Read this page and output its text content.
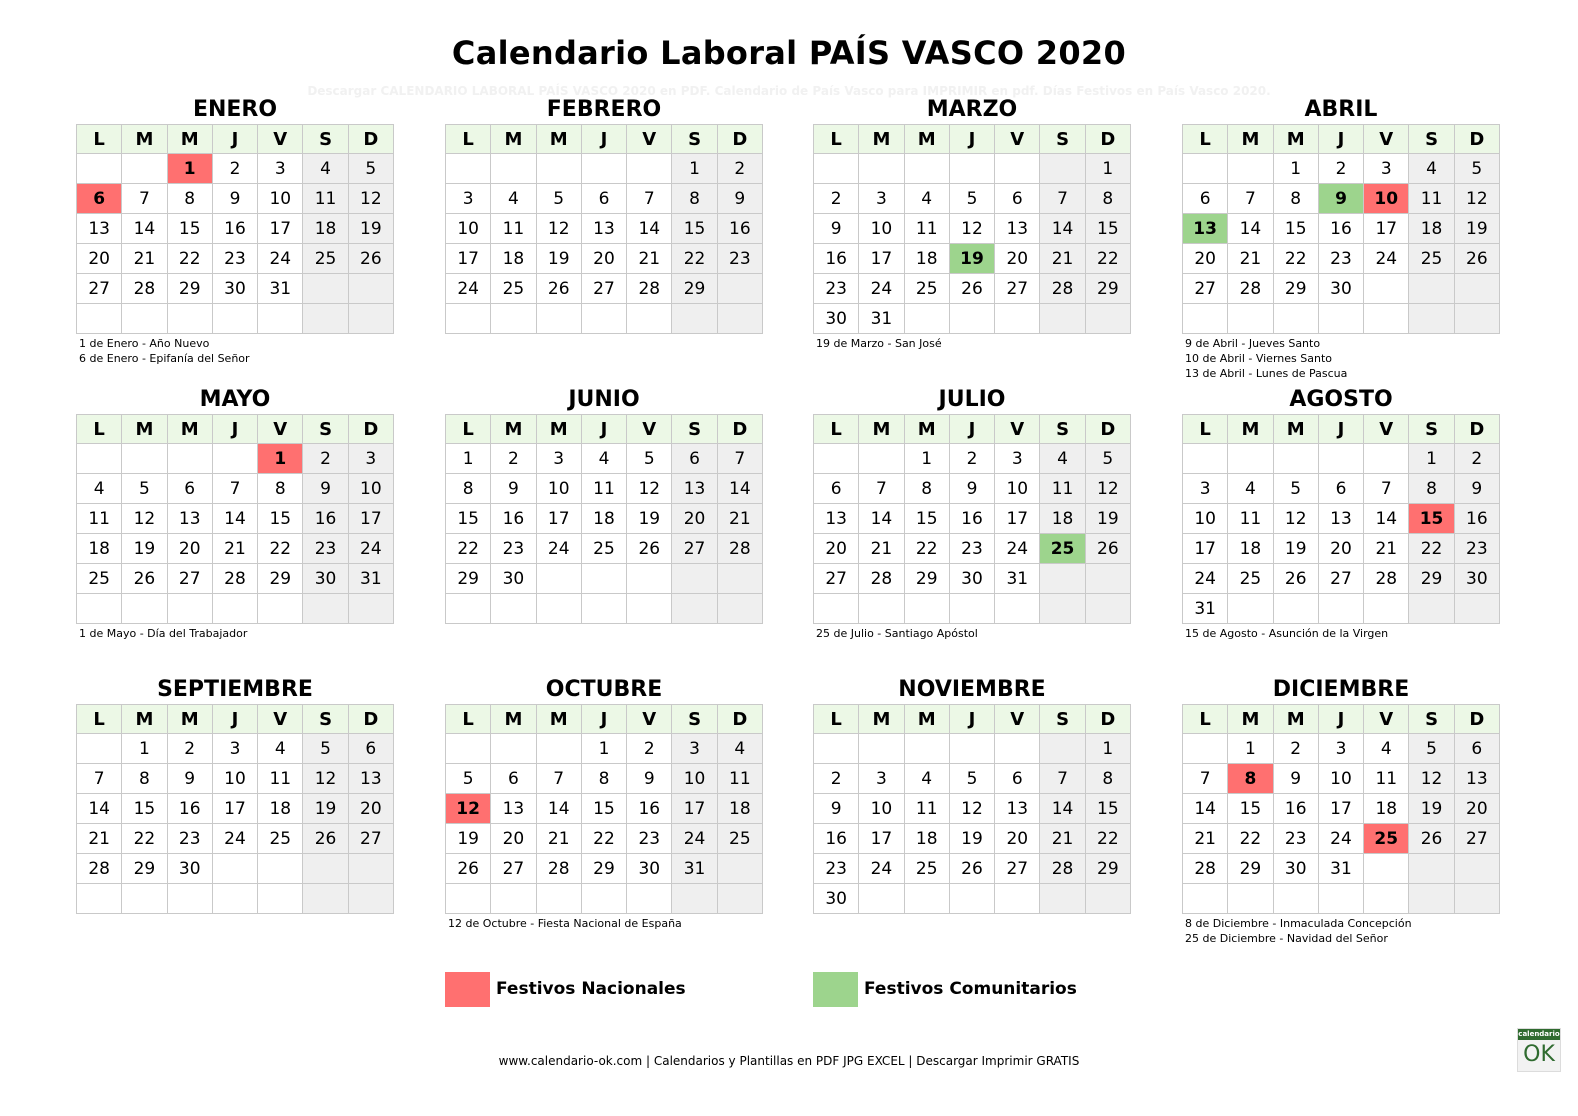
Calendario Laboral PAÍS VASCO 2020
Descargar CALENDARIO LABORAL PAÍS VASCO 2020 en PDF. Calendario de País Vasco para IMPRIMIR en pdf. Días Festivos en País Vasco 2020.
ENERO
L	M	M	J	V	S	D
		1	2	3	4	5
6	7	8	9	10	11	12
13	14	15	16	17	18	19
20	21	22	23	24	25	26
27	28	29	30	31		

1 de Enero - Año Nuevo
6 de Enero - Epifanía del Señor
FEBRERO
L	M	M	J	V	S	D
					1	2
3	4	5	6	7	8	9
10	11	12	13	14	15	16
17	18	19	20	21	22	23
24	25	26	27	28	29	

MARZO
L	M	M	J	V	S	D
						1
2	3	4	5	6	7	8
9	10	11	12	13	14	15
16	17	18	19	20	21	22
23	24	25	26	27	28	29
30	31					
19 de Marzo - San José
ABRIL
L	M	M	J	V	S	D
		1	2	3	4	5
6	7	8	9	10	11	12
13	14	15	16	17	18	19
20	21	22	23	24	25	26
27	28	29	30			

9 de Abril - Jueves Santo
10 de Abril - Viernes Santo
13 de Abril - Lunes de Pascua
MAYO
L	M	M	J	V	S	D
				1	2	3
4	5	6	7	8	9	10
11	12	13	14	15	16	17
18	19	20	21	22	23	24
25	26	27	28	29	30	31

1 de Mayo - Día del Trabajador
JUNIO
L	M	M	J	V	S	D
1	2	3	4	5	6	7
8	9	10	11	12	13	14
15	16	17	18	19	20	21
22	23	24	25	26	27	28
29	30					

JULIO
L	M	M	J	V	S	D
		1	2	3	4	5
6	7	8	9	10	11	12
13	14	15	16	17	18	19
20	21	22	23	24	25	26
27	28	29	30	31		

25 de Julio - Santiago Apóstol
AGOSTO
L	M	M	J	V	S	D
					1	2
3	4	5	6	7	8	9
10	11	12	13	14	15	16
17	18	19	20	21	22	23
24	25	26	27	28	29	30
31						
15 de Agosto - Asunción de la Virgen
SEPTIEMBRE
L	M	M	J	V	S	D
	1	2	3	4	5	6
7	8	9	10	11	12	13
14	15	16	17	18	19	20
21	22	23	24	25	26	27
28	29	30				

OCTUBRE
L	M	M	J	V	S	D
			1	2	3	4
5	6	7	8	9	10	11
12	13	14	15	16	17	18
19	20	21	22	23	24	25
26	27	28	29	30	31	

12 de Octubre - Fiesta Nacional de España
NOVIEMBRE
L	M	M	J	V	S	D
						1
2	3	4	5	6	7	8
9	10	11	12	13	14	15
16	17	18	19	20	21	22
23	24	25	26	27	28	29
30						
DICIEMBRE
L	M	M	J	V	S	D
	1	2	3	4	5	6
7	8	9	10	11	12	13
14	15	16	17	18	19	20
21	22	23	24	25	26	27
28	29	30	31			

8 de Diciembre - Inmaculada Concepción
25 de Diciembre - Navidad del Señor
Festivos Nacionales	Festivos Comunitarios
www.calendario-ok.com | Calendarios y Plantillas en PDF JPG EXCEL | Descargar Imprimir GRATIS
calendario
OK
